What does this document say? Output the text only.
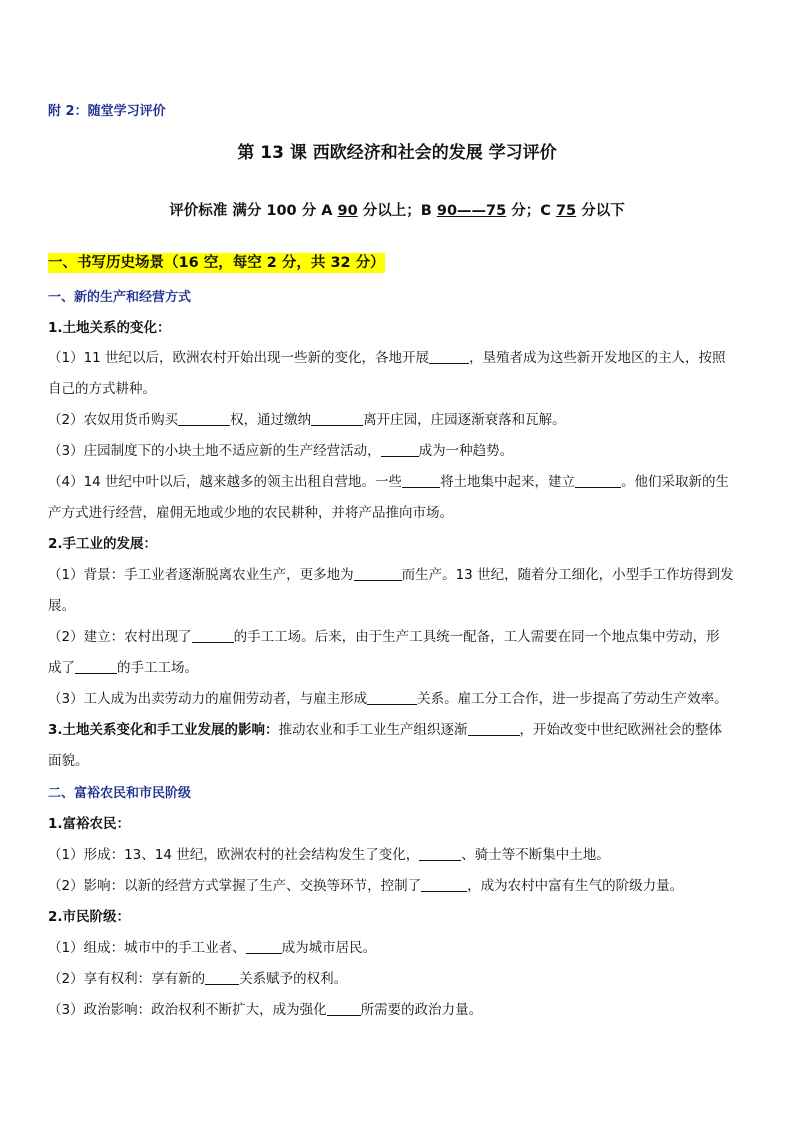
附 2：随堂学习评价
第 13 课 西欧经济和社会的发展 学习评价
评价标准 满分 100 分 A 90 分以上；B 90——75 分；C 75 分以下
一、书写历史场景（16 空，每空 2 分，共 32 分）
一、新的生产和经营方式
1.土地关系的变化：
（1）11 世纪以后，欧洲农村开始出现一些新的变化，各地开展	，垦殖者成为这些新开发地区的主人，按照
自己的方式耕种。
（2）农奴用货币购买	权，通过缴纳	离开庄园，庄园逐渐衰落和瓦解。
（3）庄园制度下的小块土地不适应新的生产经营活动，	成为一种趋势。
（4）14 世纪中叶以后，越来越多的领主出租自营地。一些	将土地集中起来，建立	。他们采取新的生
产方式进行经营，雇佣无地或少地的农民耕种，并将产品推向市场。
2.手工业的发展：
（1）背景：手工业者逐渐脱离农业生产，更多地为	而生产。13 世纪，随着分工细化，小型手工作坊得到发
展。
（2）建立：农村出现了	的手工工场。后来，由于生产工具统一配备，工人需要在同一个地点集中劳动，形
成了	的手工工场。
（3）工人成为出卖劳动力的雇佣劳动者，与雇主形成	关系。雇工分工合作，进一步提高了劳动生产效率。
3.土地关系变化和手工业发展的影响：推动农业和手工业生产组织逐渐	，开始改变中世纪欧洲社会的整体
面貌。
二、富裕农民和市民阶级
1.富裕农民：
（1）形成：13、14 世纪，欧洲农村的社会结构发生了变化，	、骑士等不断集中土地。
（2）影响：以新的经营方式掌握了生产、交换等环节，控制了	，成为农村中富有生气的阶级力量。
2.市民阶级：
（1）组成：城市中的手工业者、	成为城市居民。
（2）享有权利：享有新的	关系赋予的权利。
（3）政治影响：政治权利不断扩大，成为强化	所需要的政治力量。
